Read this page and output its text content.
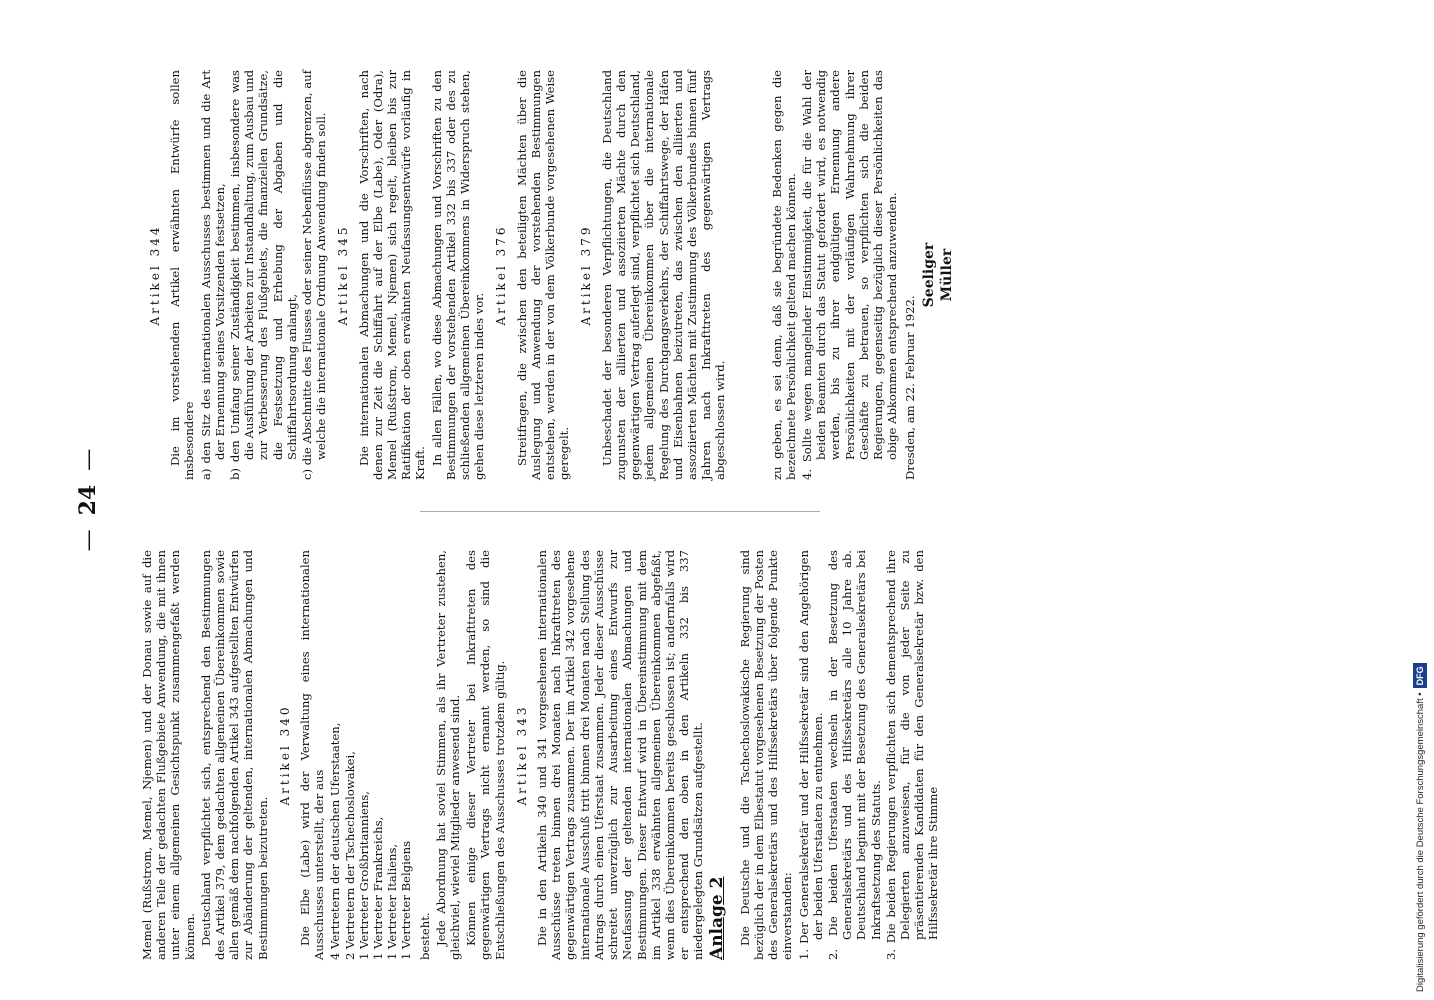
—24—

Memel (Rußstrom, Memel, Njemen) und der Donau sowie auf die anderen Teile der gedachten Flußgebiete Anwendung, die mit ihnen unter einem allgemeinen Gesichtspunkt zusammengefaßt werden können. Deutschland verpflichtet sich, entsprechend den Bestimmungen des Artikel 379, dem gedachten allgemeinen Übereinkommen sowie allen gemäß dem nachfolgenden Artikel 343 aufgestellten Entwürfen zur Abänderung der geltenden, internationalen Abmachungen und Bestimmungen beizutreten.

Artikel 340 Die Elbe (Labe) wird der Verwaltung eines internationalen Ausschusses unterstellt, der aus 4 Vertretern der deutschen Uferstaaten, 2 Vertretern der Tschechoslowakei, 1 Vertreter Großbritanniens, 1 Vertreter Frankreichs, 1 Vertreter Italiens, 1 Vertreter Belgiens besteht. Jede Abordnung hat soviel Stimmen, als ihr Vertreter zustehen, gleichviel, wieviel Mitglieder anwesend sind. Können einige dieser Vertreter bei Inkrafttreten des gegenwärtigen Vertrags nicht ernannt werden, so sind die Entschließungen des Ausschusses trotzdem gültig. Artikel 343 Die in den Artikeln 340 und 341 vorgesehenen internationalen Ausschüsse treten binnen drei Monaten nach Inkrafttreten des gegenwärtigen Vertrags zusammen. Der im Artikel 342 vorgesehene internationale Ausschuß tritt binnen drei Monaten nach Stellung des Antrags durch einen Uferstaat zusammen. Jeder dieser Ausschüsse schreitet unverzüglich zur Ausarbeitung eines Entwurfs zur Neufassung der geltenden internationalen Abmachungen und Bestimmungen. Dieser Entwurf wird in Übereinstimmung mit dem im Artikel 338 erwähnten allgemeinen Übereinkommen abgefaßt, wenn dies Übereinkommen bereits geschlossen ist; andernfalls wird er entsprechend den oben in den Artikeln 332 bis 337 niedergelegten Grundsätzen aufgestellt. Anlage 2 Die Deutsche und die Tschechoslowakische Regierung sind bezüglich der in dem Elbestatut vorgesehenen Besetzung der Posten des Generalsekretärs und des Hilfssekretärs über folgende Punkte einverstanden: 1. Der Generalsekretär und der Hilfssekretär sind den Angehörigen der beiden Uferstaaten zu entnehmen.
2. Die beiden Uferstaaten wechseln in der Besetzung des Generalsekretärs und des Hilfssekretärs alle 10 Jahre ab. Deutschland beginnt mit der Besetzung des Generalsekretärs bei Inkraftsetzung des Statuts.
3. Die beiden Regierungen verpflichten sich dementsprechend ihre Delegierten anzuweisen, für die von jeder Seite zu präsentierenden Kandidaten für den Generalsekretär bzw. den Hilfssekretär ihre Stimme
Artikel 344 Die im vorstehenden Artikel erwähnten Entwürfe sollen insbesondere a) den Sitz des internationalen Ausschusses bestimmen und die Art der Ernennung seines Vorsitzenden festsetzen,
b) den Umfang seiner Zuständigkeit bestimmen, insbesondere was die Ausführung der Arbeiten zur Instandhaltung, zum Ausbau und zur Verbesserung des Flußgebiets, die finanziellen Grundsätze, die Festsetzung und Erhebung der Abgaben und die Schiffahrtsordnung anlangt,
c) die Abschnitte des Flusses oder seiner Nebenflüsse abgrenzen, auf welche die internationale Ordnung Anwendung finden soll. Artikel 345 Die internationalen Abmachungen und die Vorschriften, nach denen zur Zeit die Schiffahrt auf der Elbe (Labe), Oder (Odra), Memel (Rußstrom, Memel, Njemen) sich regelt, bleiben bis zur Ratifikation der oben erwähnten Neufassungsentwürfe vorläufig in Kraft. In allen Fällen, wo diese Abmachungen und Vorschriften zu den Bestimmungen der vorstehenden Artikel 332 bis 337 oder des zu schließenden allgemeinen Übereinkommens in Widerspruch stehen, gehen diese letzteren indes vor.

Artikel 376 Streitfragen, die zwischen den beteiligten Mächten über die Auslegung und Anwendung der vorstehenden Bestimmungen entstehen, werden in der von dem Völkerbunde vorgesehenen Weise geregelt.

Artikel 379 Unbeschadet der besonderen Verpflichtungen, die Deutschland zugunsten der alliierten und assoziierten Mächte durch den gegenwärtigen Vertrag auferlegt sind, verpflichtet sich Deutschland, jedem allgemeinen Übereinkommen über die internationale Regelung des Durchgangsverkehrs, der Schiffahrtswege, der Häfen und Eisenbahnen beizutreten, das zwischen den alliierten und assoziierten Mächten mit Zustimmung des Völkerbundes binnen fünf Jahren nach Inkrafttreten des gegenwärtigen Vertrags abgeschlossen wird.	zu geben, es sei denn, daß sie begründete Bedenken gegen die bezeichnete Persönlichkeit geltend machen können. 4. Sollte wegen mangelnder Einstimmigkeit, die für die Wahl der beiden Beamten durch das Statut gefordert wird, es notwendig werden, bis zu ihrer endgültigen Ernennung andere Persönlichkeiten mit der vorläufigen Wahrnehmung ihrer Geschäfte zu betrauen, so verpflichten sich die beiden Regierungen, gegenseitig bezüglich dieser Persönlichkeiten das obige Abkommen entsprechend anzuwenden. Dresden, am 22. Februar 1922.

Seeliger Müller
Digitalisierung gefördert durch die Deutsche Forschungsgemeinschaft •DFG
